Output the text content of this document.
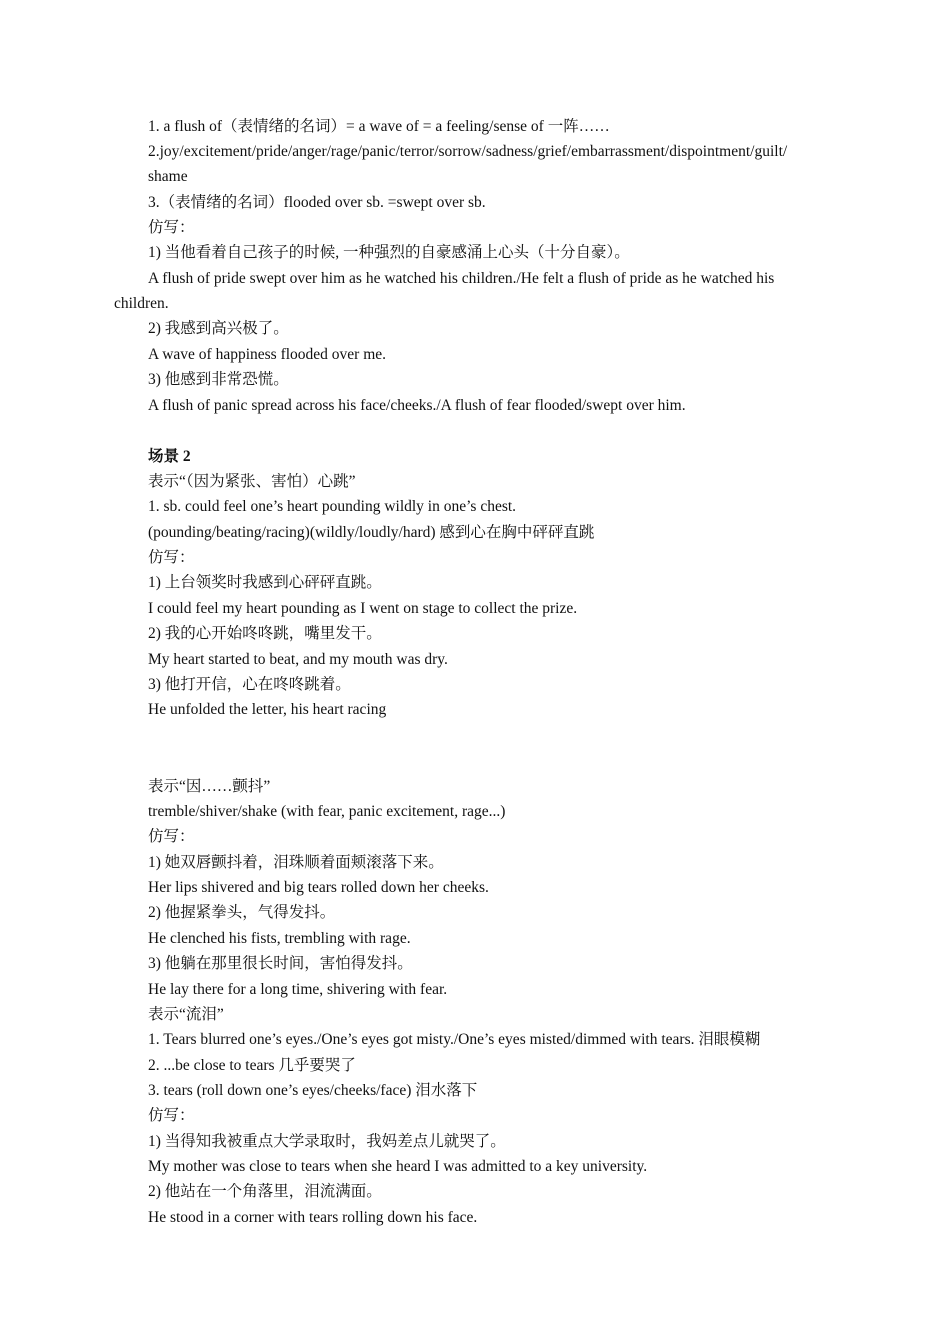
1. a flush of（表情绪的名词）= a wave of = a feeling/sense of 一阵……
2.joy/excitement/pride/anger/rage/panic/terror/sorrow/sadness/grief/embarrassment/dispointment/guilt/
shame
3.（表情绪的名词）flooded over sb. =swept over sb.
仿写：
1) 当他看着自己孩子的时候, 一种强烈的自豪感涌上心头（十分自豪）。
A flush of pride swept over him as he watched his children./He felt a flush of pride as he watched his
children.
2) 我感到高兴极了。
A wave of happiness flooded over me.
3) 他感到非常恐慌。
A flush of panic spread across his face/cheeks./A flush of fear flooded/swept over him.
场景 2
表示“（因为紧张、害怕）心跳”
1. sb. could feel one’s heart pounding wildly in one’s chest.
(pounding/beating/racing)(wildly/loudly/hard) 感到心在胸中砰砰直跳
仿写：
1) 上台领奖时我感到心砰砰直跳。
I could feel my heart pounding as I went on stage to collect the prize.
2) 我的心开始咚咚跳，嘴里发干。
My heart started to beat, and my mouth was dry.
3) 他打开信，心在咚咚跳着。
He unfolded the letter, his heart racing
表示“因……颤抖”
tremble/shiver/shake (with fear, panic excitement, rage...)
仿写：
1) 她双唇颤抖着，泪珠顺着面颊滚落下来。
Her lips shivered and big tears rolled down her cheeks.
2) 他握紧拳头，气得发抖。
He clenched his fists, trembling with rage.
3) 他躺在那里很长时间，害怕得发抖。
He lay there for a long time, shivering with fear.
表示“流泪”
1. Tears blurred one’s eyes./One’s eyes got misty./One’s eyes misted/dimmed with tears. 泪眼模糊
2. ...be close to tears 几乎要哭了
3. tears (roll down one’s eyes/cheeks/face) 泪水落下
仿写：
1) 当得知我被重点大学录取时，我妈差点儿就哭了。
My mother was close to tears when she heard I was admitted to a key university.
2) 他站在一个角落里，泪流满面。
He stood in a corner with tears rolling down his face.
